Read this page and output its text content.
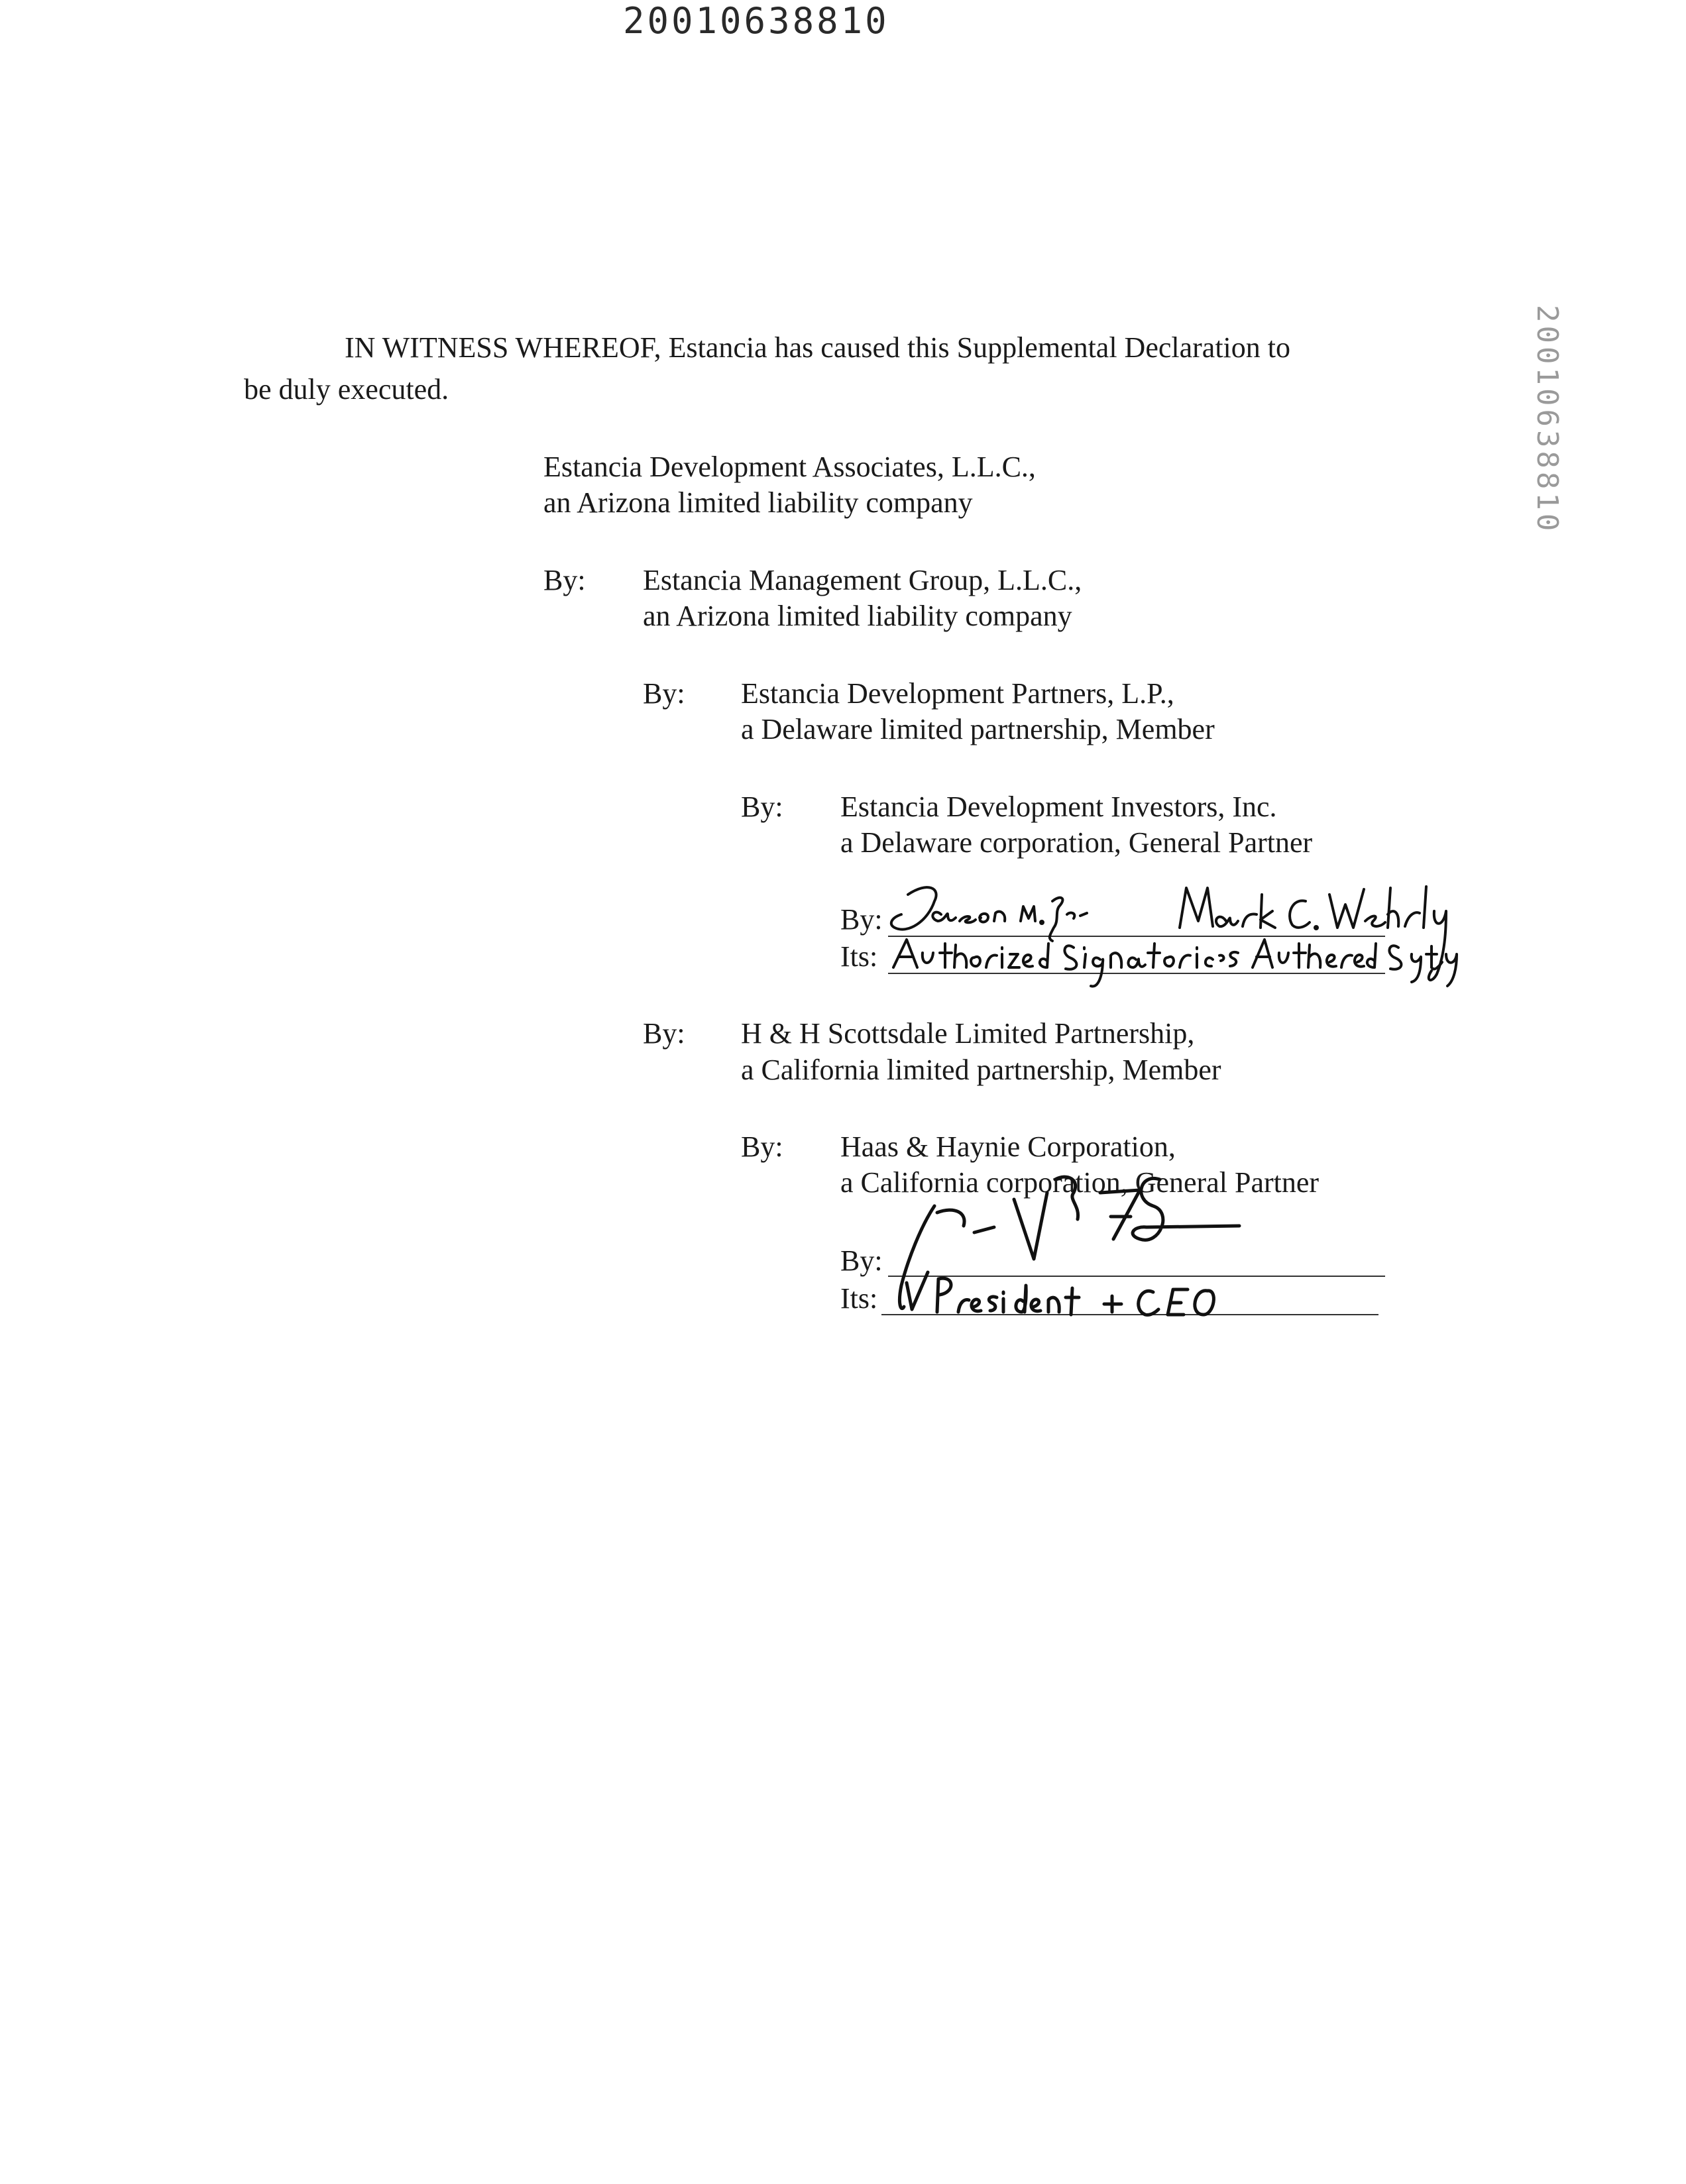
20010638810
20010638810
IN WITNESS WHEREOF, Estancia has caused this Supplemental Declaration to
be duly executed.
Estancia Development Associates, L.L.C.,
an Arizona limited liability company
By: Estancia Management Group, L.L.C.,
an Arizona limited liability company
By: Estancia Development Partners, L.P.,
a Delaware limited partnership, Member
By: Estancia Development Investors, Inc.
a Delaware corporation, General Partner
By:
Its:
By: H & H Scottsdale Limited Partnership,
a California limited partnership, Member
By: Haas & Haynie Corporation,
a California corporation, General Partner
By:
Its:
